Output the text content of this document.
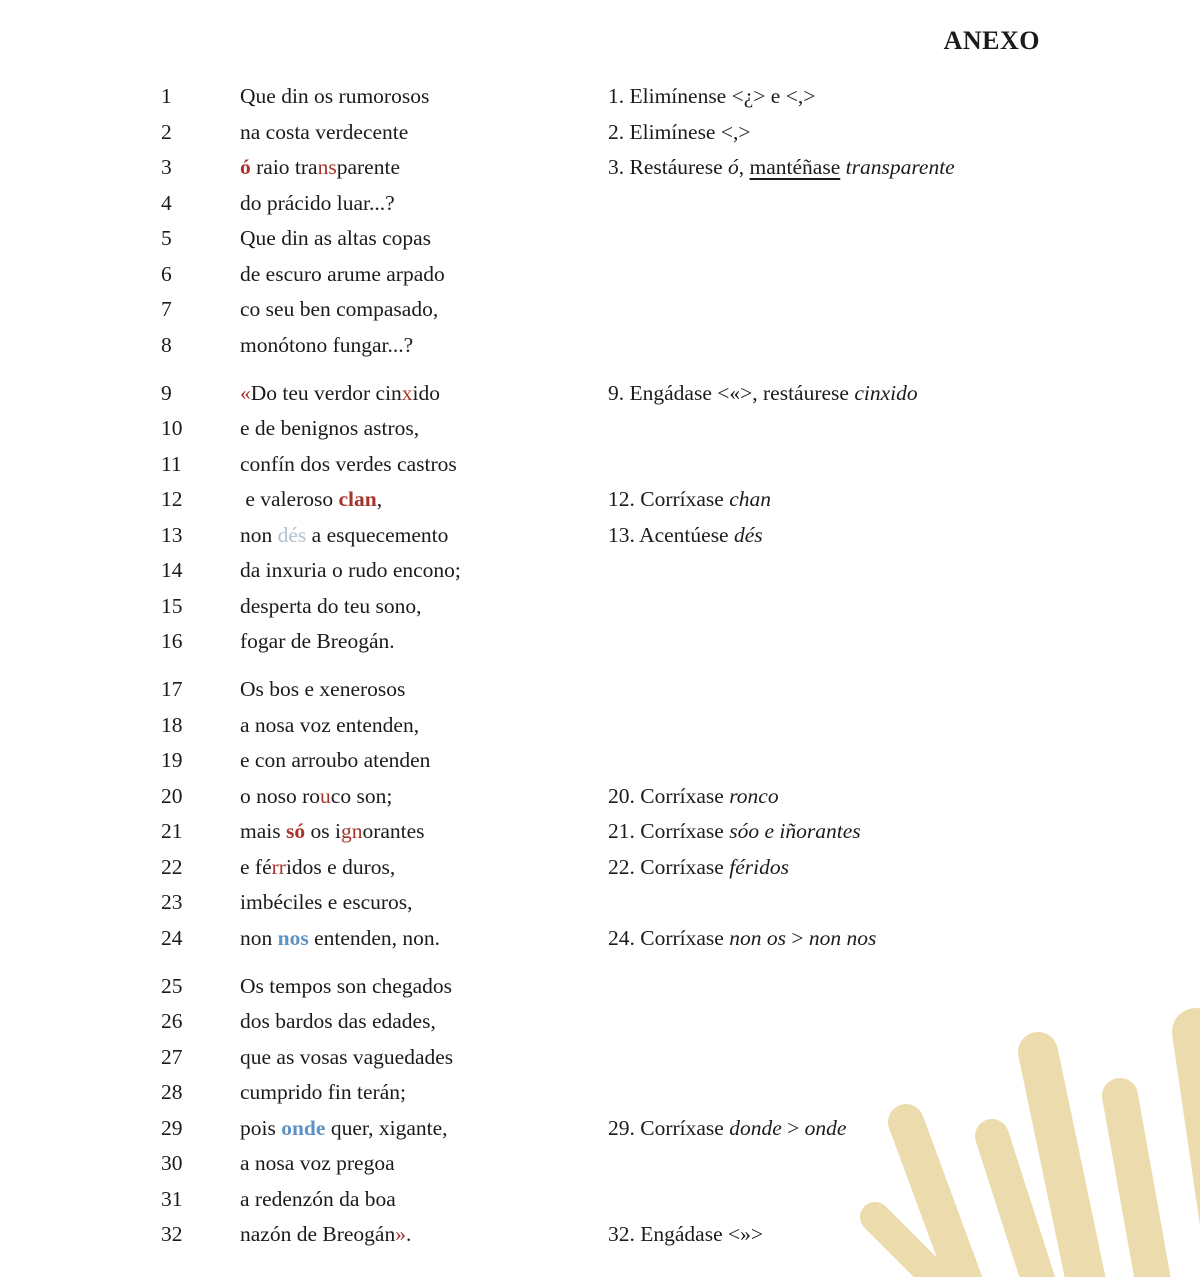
ANEXO
1	Que din os rumorosos	1. Elimínense <¿> e <,>
2	na costa verdecente	2. Elimínese <,>
3	ó raio transparente	3. Restáurese ó, mantéñase transparente
4	do prácido luar...?
5	Que din as altas copas
6	de escuro arume arpado
7	co seu ben compasado,
8	monótono fungar...?
9	«Do teu verdor cinxido	9. Engádase <«>, restáurese cinxido
10	e de benignos astros,
11	confín dos verdes castros
12	e valeroso clan,	12. Corríxase chan
13	non dés a esquecemento	13. Acentúese dés
14	da inxuria o rudo encono;
15	desperta do teu sono,
16	fogar de Breogán.
17	Os bos e xenerosos
18	a nosa voz entenden,
19	e con arroubo atenden
20	o noso rouco son;	20. Corríxase ronco
21	mais só os ignorantes	21. Corríxase sóo e iñorantes
22	e férridos e duros,	22. Corríxase féridos
23	imbéciles e escuros,
24	non nos entenden, non.	24. Corríxase non os > non nos
25	Os tempos son chegados
26	dos bardos das edades,
27	que as vosas vaguedades
28	cumprido fin terán;
29	pois onde quer, xigante,	29. Corríxase donde > onde
30	a nosa voz pregoa
31	a redenzón da boa
32	nazón de Breogán».	32. Engádase <»>
